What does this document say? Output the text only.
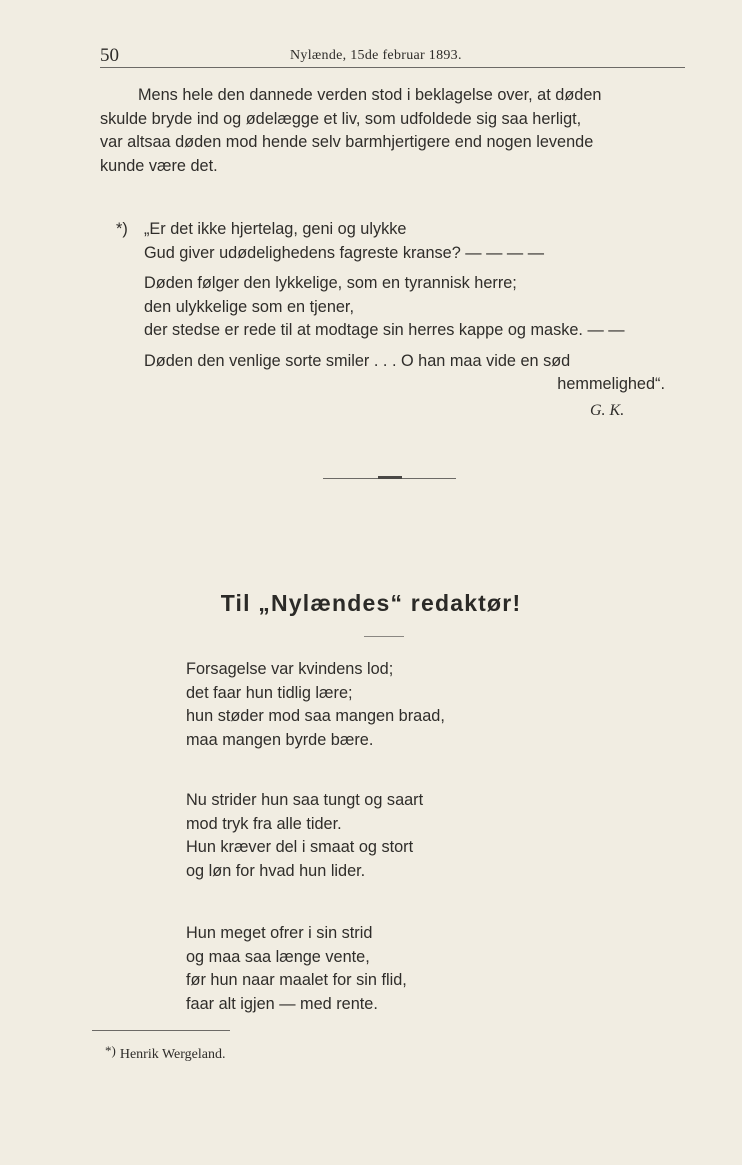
50	Nylænde, 15de februar 1893.
Mens hele den dannede verden stod i beklagelse over, at døden
skulde bryde ind og ødelægge et liv, som udfoldede sig saa herligt,
var altsaa døden mod hende selv barmhjertigere end nogen levende
kunde være det.
*) „Er det ikke hjertelag, geni og ulykke
Gud giver udødelighedens fagreste kranse? — — — —
Døden følger den lykkelige, som en tyrannisk herre;
den ulykkelige som en tjener,
der stedse er rede til at modtage sin herres kappe og maske. — —
Døden den venlige sorte smiler . . . O han maa vide en sød
hemmelighed“.
G. K.
Til „Nylændes“ redaktør!
Forsagelse var kvindens lod;
det faar hun tidlig lære;
hun støder mod saa mangen braad,
maa mangen byrde bære.
Nu strider hun saa tungt og saart
mod tryk fra alle tider.
Hun kræver del i smaat og stort
og løn for hvad hun lider.
Hun meget ofrer i sin strid
og maa saa længe vente,
før hun naar maalet for sin flid,
faar alt igjen — med rente.
*) Henrik Wergeland.
